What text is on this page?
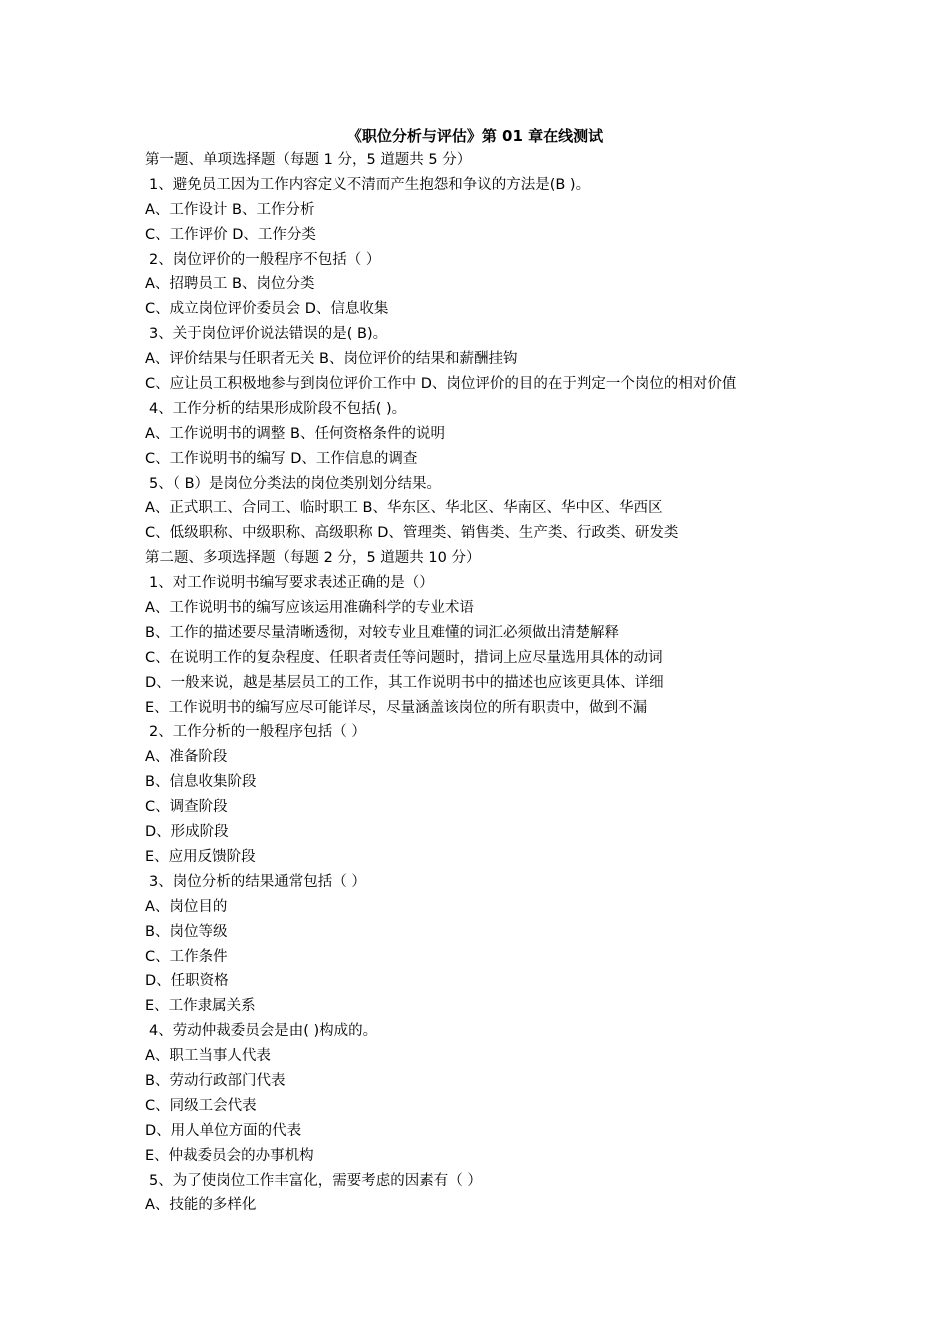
《职位分析与评估》第 01 章在线测试
第一题、单项选择题（每题 1 分，5 道题共 5 分）
1、避免员工因为工作内容定义不清而产生抱怨和争议的方法是(B )。
A、工作设计 B、工作分析
C、工作评价 D、工作分类
2、岗位评价的一般程序不包括（ ）
A、招聘员工 B、岗位分类
C、成立岗位评价委员会 D、信息收集
3、关于岗位评价说法错误的是( B)。
A、评价结果与任职者无关 B、岗位评价的结果和薪酬挂钩
C、应让员工积极地参与到岗位评价工作中 D、岗位评价的目的在于判定一个岗位的相对价值
4、工作分析的结果形成阶段不包括( )。
A、工作说明书的调整 B、任何资格条件的说明
C、工作说明书的编写 D、工作信息的调查
5、（ B）是岗位分类法的岗位类别划分结果。
A、正式职工、合同工、临时职工 B、华东区、华北区、华南区、华中区、华西区
C、低级职称、中级职称、高级职称 D、管理类、销售类、生产类、行政类、研发类
第二题、多项选择题（每题 2 分，5 道题共 10 分）
1、对工作说明书编写要求表述正确的是（）
A、工作说明书的编写应该运用准确科学的专业术语
B、工作的描述要尽量清晰透彻，对较专业且难懂的词汇必须做出清楚解释
C、在说明工作的复杂程度、任职者责任等问题时，措词上应尽量选用具体的动词
D、一般来说，越是基层员工的工作，其工作说明书中的描述也应该更具体、详细
E、工作说明书的编写应尽可能详尽，尽量涵盖该岗位的所有职责中，做到不漏
2、工作分析的一般程序包括（ ）
A、准备阶段
B、信息收集阶段
C、调查阶段
D、形成阶段
E、应用反馈阶段
3、岗位分析的结果通常包括（ ）
A、岗位目的
B、岗位等级
C、工作条件
D、任职资格
E、工作隶属关系
4、劳动仲裁委员会是由( )构成的。
A、职工当事人代表
B、劳动行政部门代表
C、同级工会代表
D、用人单位方面的代表
E、仲裁委员会的办事机构
5、为了使岗位工作丰富化，需要考虑的因素有（ ）
A、技能的多样化
